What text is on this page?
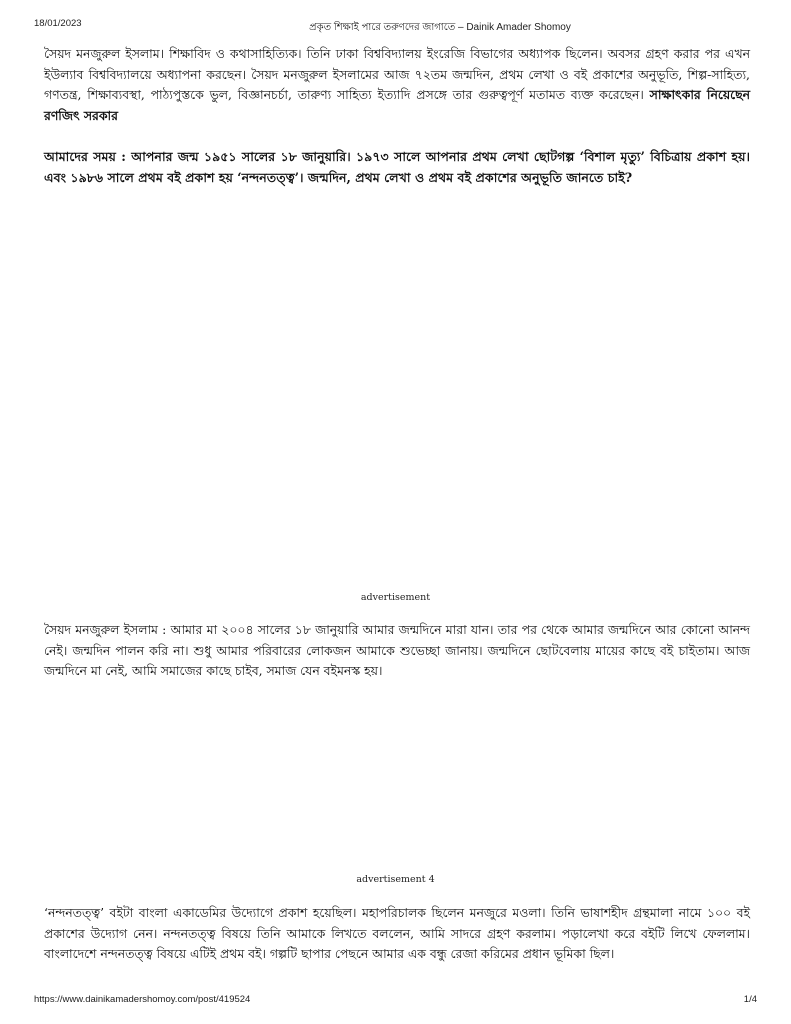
18/01/2023	প্রকৃত শিক্ষাই পারে তরুণদের জাগাতে – Dainik Amader Shomoy

সৈয়দ মনজুরুল ইসলাম। শিক্ষাবিদ ও কথাসাহিত্যিক। তিনি ঢাকা বিশ্ববিদ্যালয় ইংরেজি বিভাগের অধ্যাপক ছিলেন। অবসর গ্রহণ করার পর এখন ইউল্যাব বিশ্ববিদ্যালয়ে অধ্যাপনা করছেন। সৈয়দ মনজুরুল ইসলামের আজ ৭২তম জন্মদিন, প্রথম লেখা ও বই প্রকাশের অনুভূতি, শিল্প-সাহিত্য, গণতন্ত্র, শিক্ষাব্যবস্থা, পাঠ্যপুস্তকে ভুল, বিজ্ঞানচর্চা, তারুণ্য সাহিত্য ইত্যাদি প্রসঙ্গে তার গুরুত্বপূর্ণ মতামত ব্যক্ত করেছেন। সাক্ষাৎকার নিয়েছেন রণজিৎ সরকার

আমাদের সময় : আপনার জন্ম ১৯৫১ সালের ১৮ জানুয়ারি। ১৯৭৩ সালে আপনার প্রথম লেখা ছোটগল্প ‘বিশাল মৃত্যু’ বিচিত্রায় প্রকাশ হয়। এবং ১৯৮৬ সালে প্রথম বই প্রকাশ হয় ‘নন্দনতত্ত্ব’। জন্মদিন, প্রথম লেখা ও প্রথম বই প্রকাশের অনুভূতি জানতে চাই?

advertisement

সৈয়দ মনজুরুল ইসলাম : আমার মা ২০০৪ সালের ১৮ জানুয়ারি আমার জন্মদিনে মারা যান। তার পর থেকে আমার জন্মদিনে আর কোনো আনন্দ নেই। জন্মদিন পালন করি না। শুধু আমার পরিবারের লোকজন আমাকে শুভেচ্ছা জানায়। জন্মদিনে ছোটবেলায় মায়ের কাছে বই চাইতাম। আজ জন্মদিনে মা নেই, আমি সমাজের কাছে চাইব, সমাজ যেন বইমনস্ক হয়।

advertisement 4

‘নন্দনতত্ত্ব’ বইটা বাংলা একাডেমির উদ্যোগে প্রকাশ হয়েছিল। মহাপরিচালক ছিলেন মনজুরে মওলা। তিনি ভাষাশহীদ গ্রন্থমালা নামে ১০০ বই প্রকাশের উদ্যোগ নেন। নন্দনতত্ত্ব বিষয়ে তিনি আমাকে লিখতে বললেন, আমি সাদরে গ্রহণ করলাম। পড়ালেখা করে বইটি লিখে ফেললাম। বাংলাদেশে নন্দনতত্ত্ব বিষয়ে এটিই প্রথম বই। গল্পটি ছাপার পেছনে আমার এক বন্ধু রেজা করিমের প্রধান ভূমিকা ছিল।

https://www.dainikamadershomoy.com/post/419524	1/4
